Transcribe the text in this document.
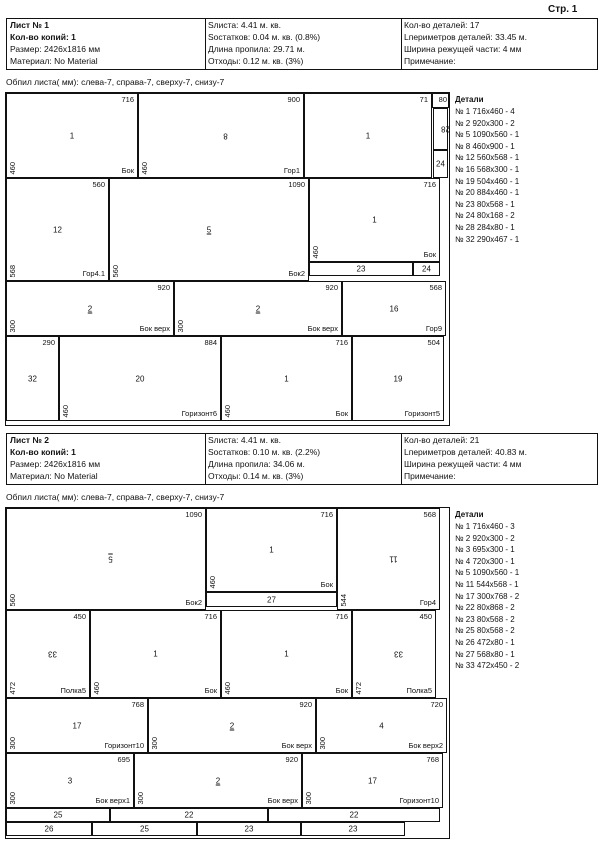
Стр. 1
Лист № 1
Кол-во копий: 1
Размер: 2426x1816 мм
Материал: No Material
Sлиста: 4.41 м. кв.
Sостатков: 0.04 м. кв. (0.8%)
Длина пропила: 29.71 м.
Отходы: 0.12 м. кв. (3%)
Кол-во деталей: 17
Lпериметров деталей: 33.45 м.
Ширина режущей части: 4 мм
Примечание:
Обпил листа( мм): слева-7, справа-7, сверху-7, снизу-7
716
1
460	Бок
900
8
460	Гор1
71
1
80
28
24
560
12
568	Гор4.1
1090
5
560	Бок2
716
1
460	Бок
23	24
920
2
300	Бок верх
920
2
300	Бок верх
568
16
Гор9
290
32
884
20
460	Горизонт6
716
1
460	Бок
504
19
Горизонт5
Детали
№ 1 716x460 - 4
№ 2 920x300 - 2
№ 5 1090x560 - 1
№ 8 460x900 - 1
№ 12 560x568 - 1
№ 16 568x300 - 1
№ 19 504x460 - 1
№ 20 884x460 - 1
№ 23 80x568 - 1
№ 24 80x168 - 2
№ 28 284x80 - 1
№ 32 290x467 - 1
Лист № 2
Кол-во копий: 1
Размер: 2426x1816 мм
Материал: No Material
Sлиста: 4.41 м. кв.
Sостатков: 0.10 м. кв. (2.2%)
Длина пропила: 34.06 м.
Отходы: 0.14 м. кв. (3%)
Кол-во деталей: 21
Lпериметров деталей: 40.83 м.
Ширина режущей части: 4 мм
Примечание:
Обпил листа( мм): слева-7, справа-7, сверху-7, снизу-7
1090
5
560	Бок2
716
1
460	Бок
27
568
11
544	Гор4
450
33
472	Полка5
716
1
460	Бок
716
1
460	Бок
450
33
472	Полка5
768
17
300	Горизонт10
920
2
300	Бок верх
720
4
300	Бок верх2
695
3
300	Бок верх1
920
2
300	Бок верх
768
17
300	Горизонт10
25	22
26	25
22
23	23
Детали
№ 1 716x460 - 3
№ 2 920x300 - 2
№ 3 695x300 - 1
№ 4 720x300 - 1
№ 5 1090x560 - 1
№ 11 544x568 - 1
№ 17 300x768 - 2
№ 22 80x868 - 2
№ 23 80x568 - 2
№ 25 80x568 - 2
№ 26 472x80 - 1
№ 27 568x80 - 1
№ 33 472x450 - 2
